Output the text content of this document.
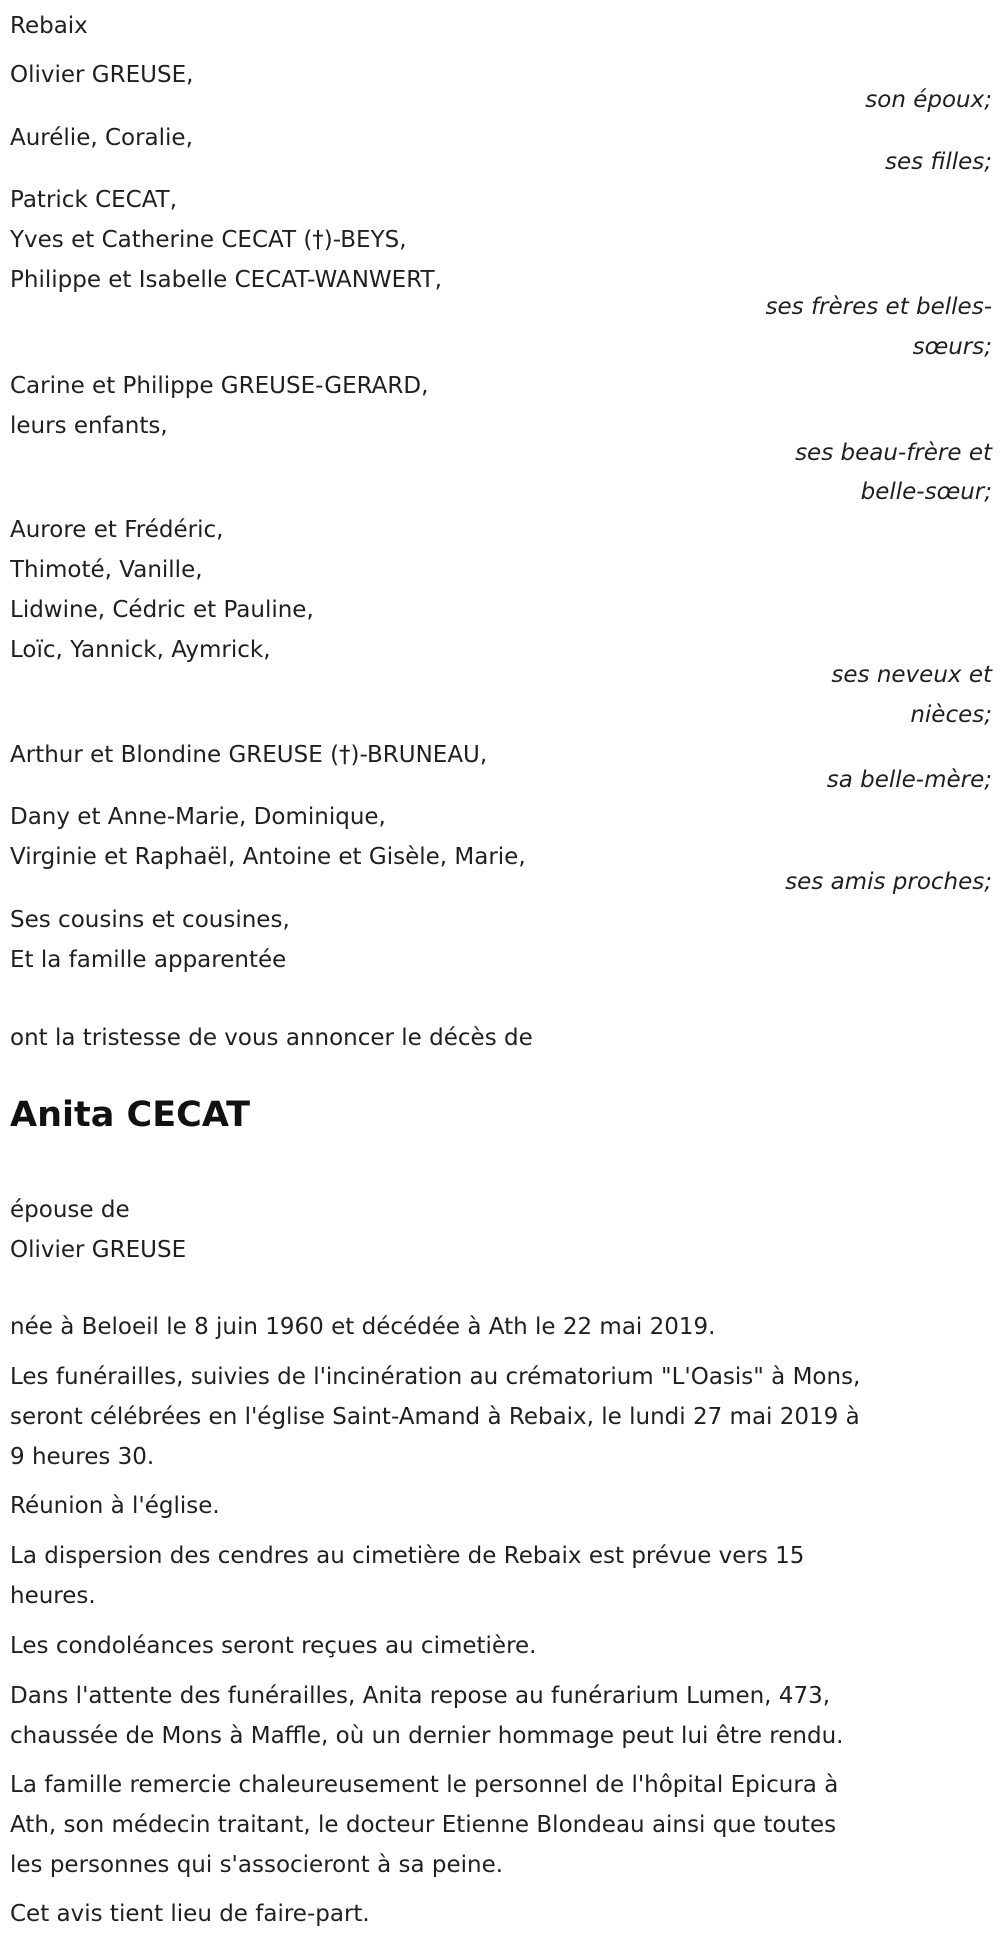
Rebaix
Olivier GREUSE,
son époux;
Aurélie, Coralie,
ses filles;
Patrick CECAT,
Yves et Catherine CECAT (†)-BEYS,
Philippe et Isabelle CECAT-WANWERT,
ses frères et belles-
sœurs;
Carine et Philippe GREUSE-GERARD,
leurs enfants,
ses beau-frère et
belle-sœur;
Aurore et Frédéric,
Thimoté, Vanille,
Lidwine, Cédric et Pauline,
Loïc, Yannick, Aymrick,
ses neveux et
nièces;
Arthur et Blondine GREUSE (†)-BRUNEAU,
sa belle-mère;
Dany et Anne-Marie, Dominique,
Virginie et Raphaël, Antoine et Gisèle, Marie,
ses amis proches;
Ses cousins et cousines,
Et la famille apparentée
ont la tristesse de vous annoncer le décès de
Anita CECAT
épouse de
Olivier GREUSE
née à Beloeil le 8 juin 1960 et décédée à Ath le 22 mai 2019.
Les funérailles, suivies de l'incinération au crématorium "L'Oasis" à Mons,
seront célébrées en l'église Saint-Amand à Rebaix, le lundi 27 mai 2019 à
9 heures 30.
Réunion à l'église.
La dispersion des cendres au cimetière de Rebaix est prévue vers 15
heures.
Les condoléances seront reçues au cimetière.
Dans l'attente des funérailles, Anita repose au funérarium Lumen, 473,
chaussée de Mons à Maffle, où un dernier hommage peut lui être rendu.
La famille remercie chaleureusement le personnel de l'hôpital Epicura à
Ath, son médecin traitant, le docteur Etienne Blondeau ainsi que toutes
les personnes qui s'associeront à sa peine.
Cet avis tient lieu de faire-part.
